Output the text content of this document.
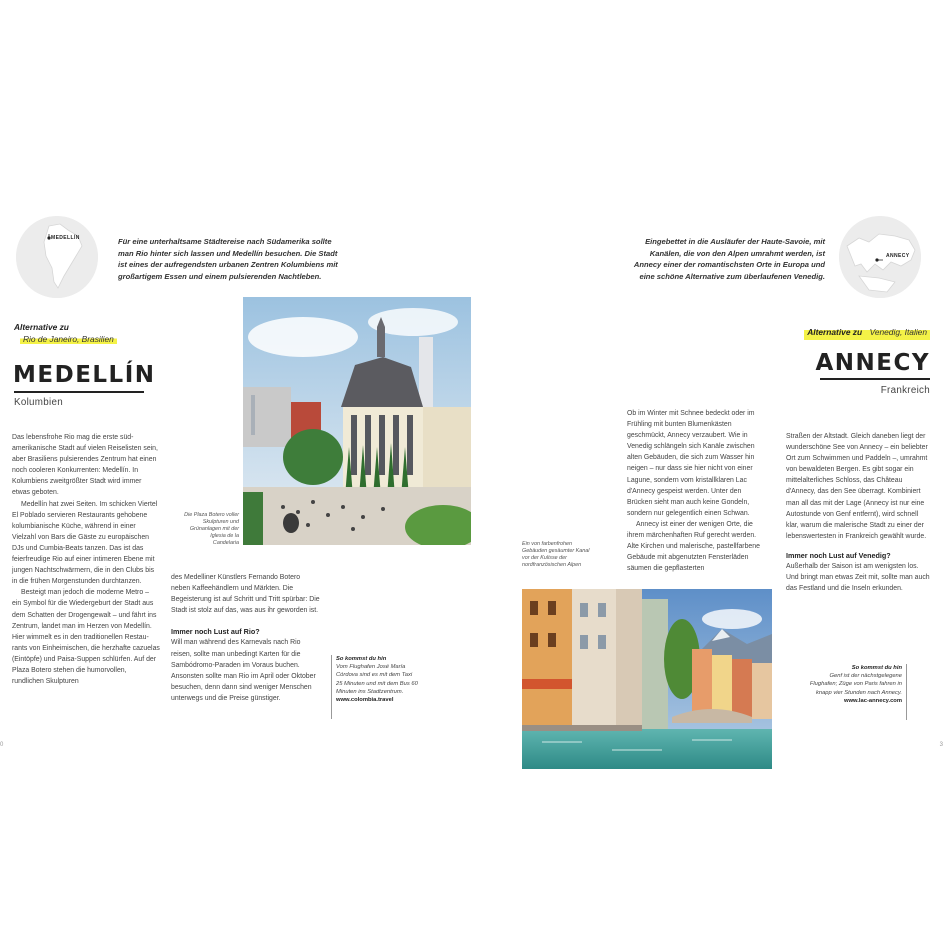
MEDELLÍN	Für eine unterhaltsame Städtereise nach Südamerika sollte man Rio hinter sich lassen und Medellín besuchen. Die Stadt ist eines der aufregendsten urbanen Zentren Kolumbiens mit großartigem Essen und einem pulsierenden Nachtleben.
Alternative zu
Rio de Janeiro, Brasilien
MEDELLÍN
Kolumbien

Das lebensfrohe Rio mag die erste südamerikanische Stadt auf vielen Reiselisten sein, aber Brasiliens pulsierendes Zentrum hat einen noch cooleren Konkurrenten: Medellín. In Kolumbiens zweitgrößter Stadt wird immer etwas geboten.

Medellín hat zwei Seiten. Im schicken Viertel El Poblado servieren Restaurants gehobene kolumbianische Küche, während in einer Vielzahl von Bars die Gäste zu europäischen DJs und Cumbia-Beats tanzen. Das ist das feierfreudige Rio auf einer intimeren Ebene mit jungen Nachtschwärmern, die in den Clubs bis in die frühen Morgenstunden durchtanzen.

Besteigt man jedoch die moderne Metro – ein Symbol für die Wiedergeburt der Stadt aus dem Schatten der Drogengewalt – und fährt ins Zentrum, landet man im Herzen von Medellín. Hier wimmelt es in den traditionellen Restaurants von Einheimischen, die herzhafte cazuelas (Eintöpfe) und Paisa-Suppen schlürfen. Auf der Plaza Botero stehen die humorvollen, rundlichen Skulpturen

Die Plaza Botero voller Skulpturen und Grünanlagen mit der Iglesia de la Candelaria

des Medelliner Künstlers Fernando Botero neben Kaffeehändlern und Märkten. Die Begeisterung ist auf Schritt und Tritt spürbar: Die Stadt ist stolz auf das, was aus ihr geworden ist.

Immer noch Lust auf Rio?

Will man während des Karnevals nach Rio reisen, sollte man unbedingt Karten für die Sambódromo-Paraden im Voraus buchen. Ansonsten sollte man Rio im April oder Oktober besuchen, denn dann sind weniger Menschen unterwegs und die Preise günstiger.

So kommst du hin
Vom Flughafen José María Córdova sind es mit dem Taxi 25 Minuten und mit dem Bus 60 Minuten ins Stadtzentrum.
www.colombia.travel
0
Eingebettet in die Ausläufer der Haute-Savoie, mit Kanälen, die von den Alpen umrahmt werden, ist Annecy einer der romantischsten Orte in Europa und eine schöne Alternative zum überlaufenen Venedig.
ANNECY
Alternative zu Venedig, Italien
ANNECY
Frankreich

Ob im Winter mit Schnee bedeckt oder im Frühling mit bunten Blumenkästen geschmückt, Annecy verzaubert. Wie in Venedig schlängeln sich Kanäle zwischen alten Gebäuden, die sich zum Wasser hin neigen – nur dass sie hier nicht von einer Lagune, sondern vom kristallklaren Lac d'Annecy gespeist werden. Unter den Brücken sieht man auch keine Gondeln, sondern nur gelegentlich einen Schwan.

Annecy ist einer der wenigen Orte, die ihrem märchenhaften Ruf gerecht werden. Alte Kirchen und malerische, pastellfarbene Gebäude mit abgenutzten Fensterläden säumen die gepflasterten

Straßen der Altstadt. Gleich daneben liegt der wunderschöne See von Annecy – ein beliebter Ort zum Schwimmen und Paddeln –, umrahmt von bewaldeten Bergen. Es gibt sogar ein mittelalterliches Schloss, das Château d'Annecy, das den See überragt. Kombiniert man all das mit der Lage (Annecy ist nur eine Autostunde von Genf entfernt), wird schnell klar, warum die malerische Stadt zu einer der lebenswertesten in Frankreich gewählt wurde.

Immer noch Lust auf Venedig?

Außerhalb der Saison ist am wenigsten los. Und bringt man etwas Zeit mit, sollte man auch das Festland und die Inseln erkunden.

Ein von farbenfrohen Gebäuden gesäumter Kanal vor der Kulisse der nordfranzösischen Alpen
So kommst du hin
Genf ist der nächstgelegene Flughafen; Züge von Paris fahren in knapp vier Stunden nach Annecy.
www.lac-annecy.com
3
